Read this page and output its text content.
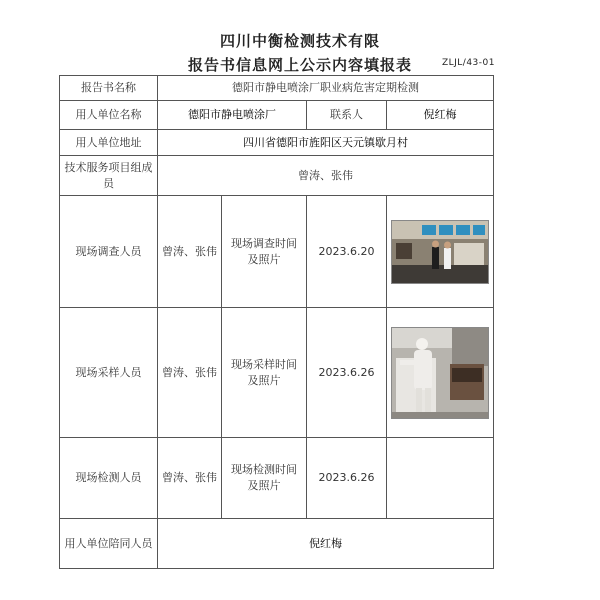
四川中衡检测技术有限
报告书信息网上公示内容填报表	ZLJL/43-01
报告书名称	德阳市静电喷涂厂职业病危害定期检测			
用人单位名称	德阳市静电喷涂厂		联系人	倪红梅
用人单位地址	四川省德阳市旌阳区天元镇歇月村			
技术服务项目组成员	曾涛、张伟			
现场调查人员	曾涛、张伟	现场调查时间及照片	2023.6.20	

现场采样人员	曾涛、张伟	现场采样时间及照片	2023.6.26	

现场检测人员	曾涛、张伟	现场检测时间及照片	2023.6.26	
用人单位陪同人员	倪红梅			
